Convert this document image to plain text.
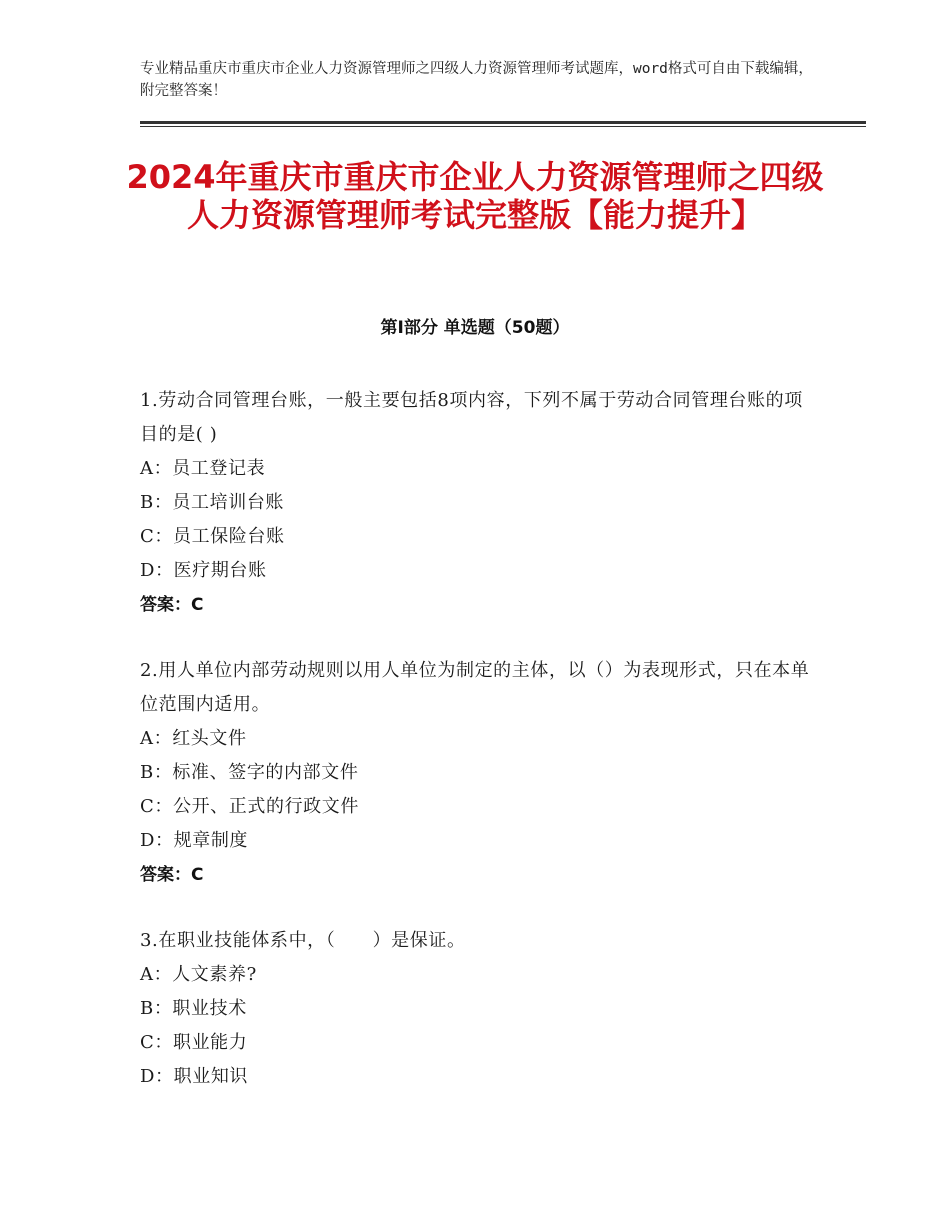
专业精品重庆市重庆市企业人力资源管理师之四级人力资源管理师考试题库，word格式可自由下载编辑，附完整答案！
2024年重庆市重庆市企业人力资源管理师之四级人力资源管理师考试完整版【能力提升】
第Ⅰ部分 单选题（50题）
1.劳动合同管理台账，一般主要包括8项内容，下列不属于劳动合同管理台账的项目的是( )
A：员工登记表
B：员工培训台账
C：员工保险台账
D：医疗期台账
答案：C
2.用人单位内部劳动规则以用人单位为制定的主体，以（）为表现形式，只在本单位范围内适用。
A：红头文件
B：标准、签字的内部文件
C：公开、正式的行政文件
D：规章制度
答案：C
3.在职业技能体系中，（　　）是保证。
A：人文素养?
B：职业技术
C：职业能力
D：职业知识
